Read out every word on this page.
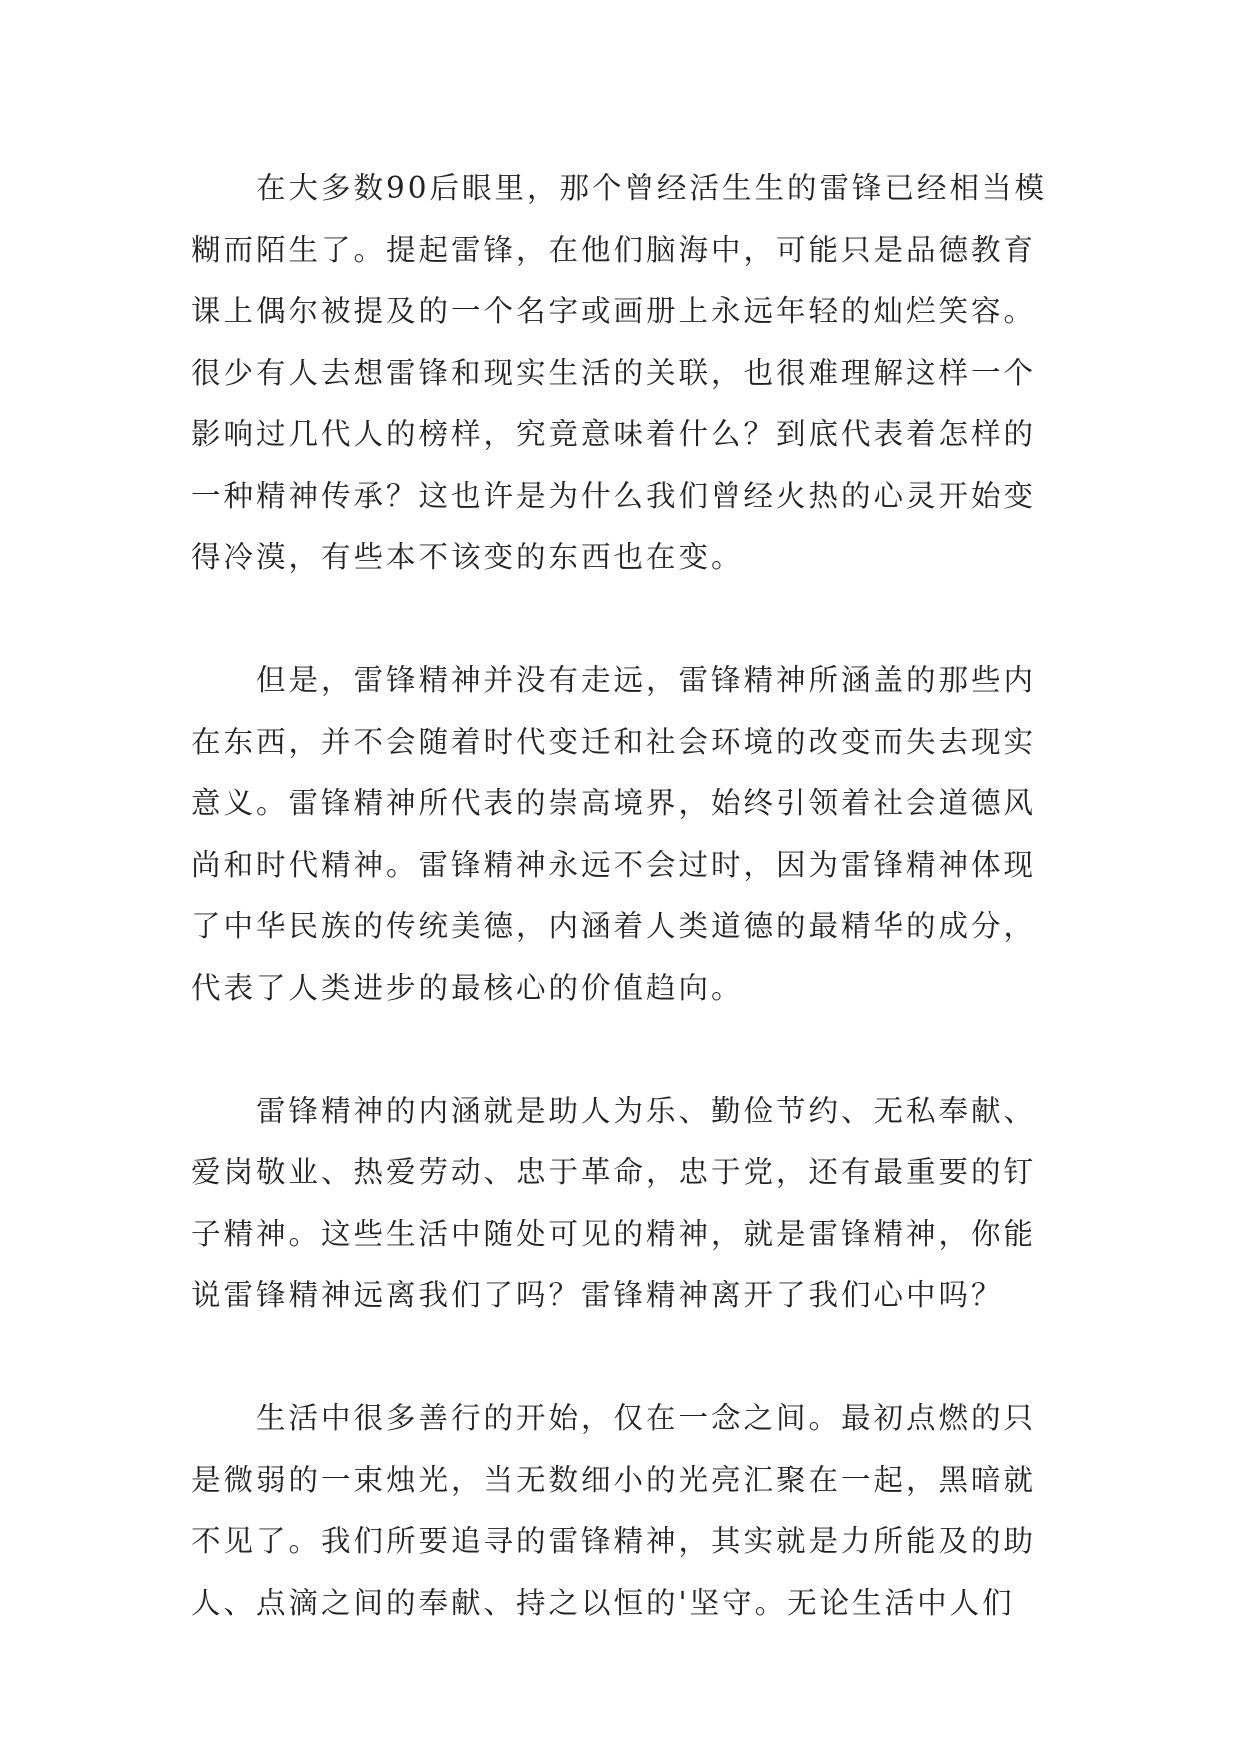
在大多数90后眼里，那个曾经活生生的雷锋已经相当模糊而陌生了。提起雷锋，在他们脑海中，可能只是品德教育课上偶尔被提及的一个名字或画册上永远年轻的灿烂笑容。很少有人去想雷锋和现实生活的关联，也很难理解这样一个影响过几代人的榜样，究竟意味着什么？到底代表着怎样的一种精神传承？这也许是为什么我们曾经火热的心灵开始变得冷漠，有些本不该变的东西也在变。

但是，雷锋精神并没有走远，雷锋精神所涵盖的那些内在东西，并不会随着时代变迁和社会环境的改变而失去现实意义。雷锋精神所代表的崇高境界，始终引领着社会道德风尚和时代精神。雷锋精神永远不会过时，因为雷锋精神体现了中华民族的传统美德，内涵着人类道德的最精华的成分，代表了人类进步的最核心的价值趋向。

雷锋精神的内涵就是助人为乐、勤俭节约、无私奉献、爱岗敬业、热爱劳动、忠于革命，忠于党，还有最重要的钉子精神。这些生活中随处可见的精神，就是雷锋精神，你能说雷锋精神远离我们了吗？雷锋精神离开了我们心中吗？

生活中很多善行的开始，仅在一念之间。最初点燃的只是微弱的一束烛光，当无数细小的光亮汇聚在一起，黑暗就不见了。我们所要追寻的雷锋精神，其实就是力所能及的助人、点滴之间的奉献、持之以恒的'坚守。无论生活中人们
